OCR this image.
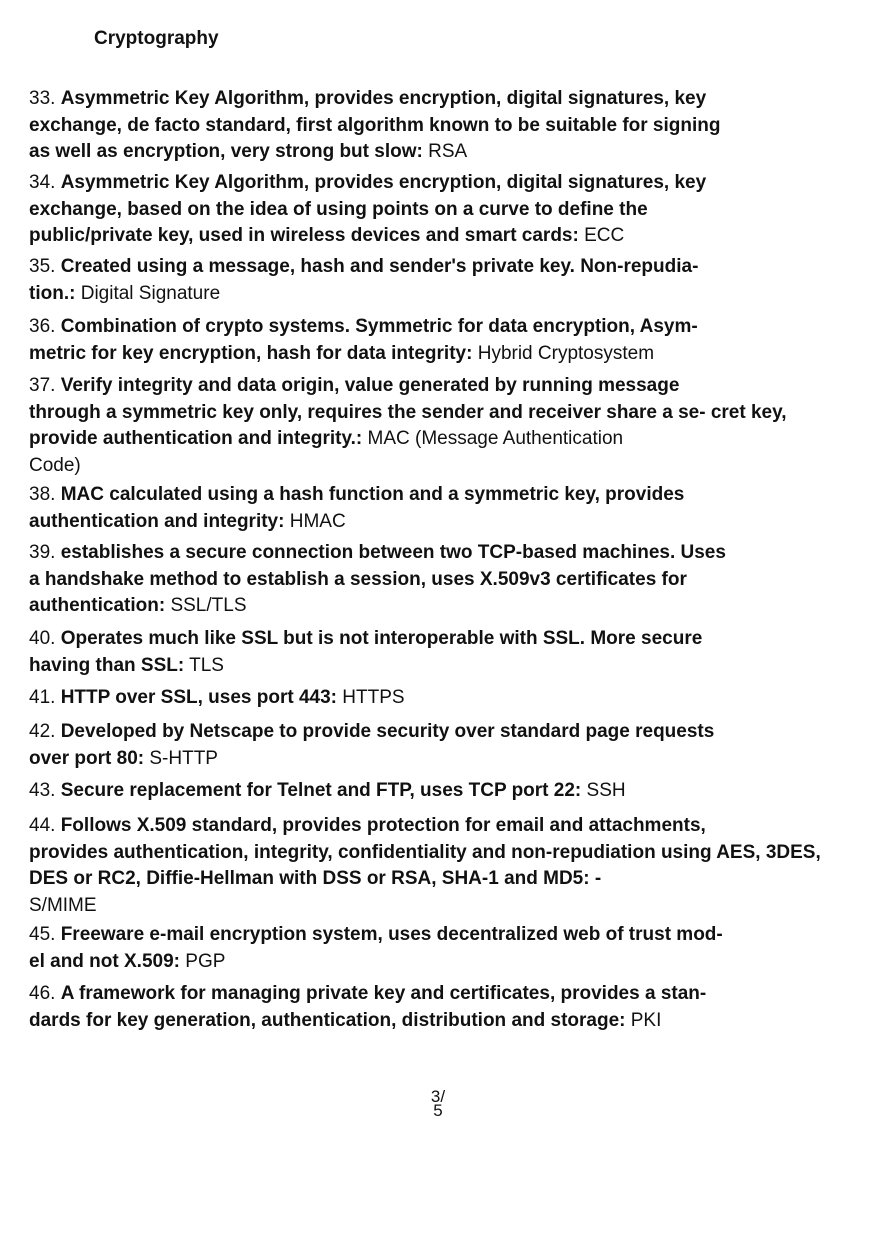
Cryptography
33. Asymmetric Key Algorithm, provides encryption, digital signatures, key
exchange, de facto standard, first algorithm known to be suitable for signing
as well as encryption, very strong but slow: RSA
34. Asymmetric Key Algorithm, provides encryption, digital signatures, key
exchange, based on the idea of using points on a curve to define the
public/private key, used in wireless devices and smart cards: ECC
35. Created using a message, hash and sender's private key. Non-repudia-
tion.: Digital Signature
36. Combination of crypto systems. Symmetric for data encryption, Asym-
metric for key encryption, hash for data integrity: Hybrid Cryptosystem
37. Verify integrity and data origin, value generated by running message
through a symmetric key only, requires the sender and receiver share a se- cret key,
provide authentication and integrity.: MAC (Message Authentication
Code)
38. MAC calculated using a hash function and a symmetric key, provides
authentication and integrity: HMAC
39. establishes a secure connection between two TCP-based machines. Uses
a handshake method to establish a session, uses X.509v3 certificates for
authentication: SSL/TLS
40. Operates much like SSL but is not interoperable with SSL. More secure
having than SSL: TLS
41. HTTP over SSL, uses port 443: HTTPS
42. Developed by Netscape to provide security over standard page requests
over port 80: S-HTTP
43. Secure replacement for Telnet and FTP, uses TCP port 22: SSH
44. Follows X.509 standard, provides protection for email and attachments,
provides authentication, integrity, confidentiality and non-repudiation using AES, 3DES,
DES or RC2, Diffie-Hellman with DSS or RSA, SHA-1 and MD5: -
S/MIME
45. Freeware e-mail encryption system, uses decentralized web of trust mod-
el and not X.509: PGP
46. A framework for managing private key and certificates, provides a stan-
dards for key generation, authentication, distribution and storage: PKI
3/
5
